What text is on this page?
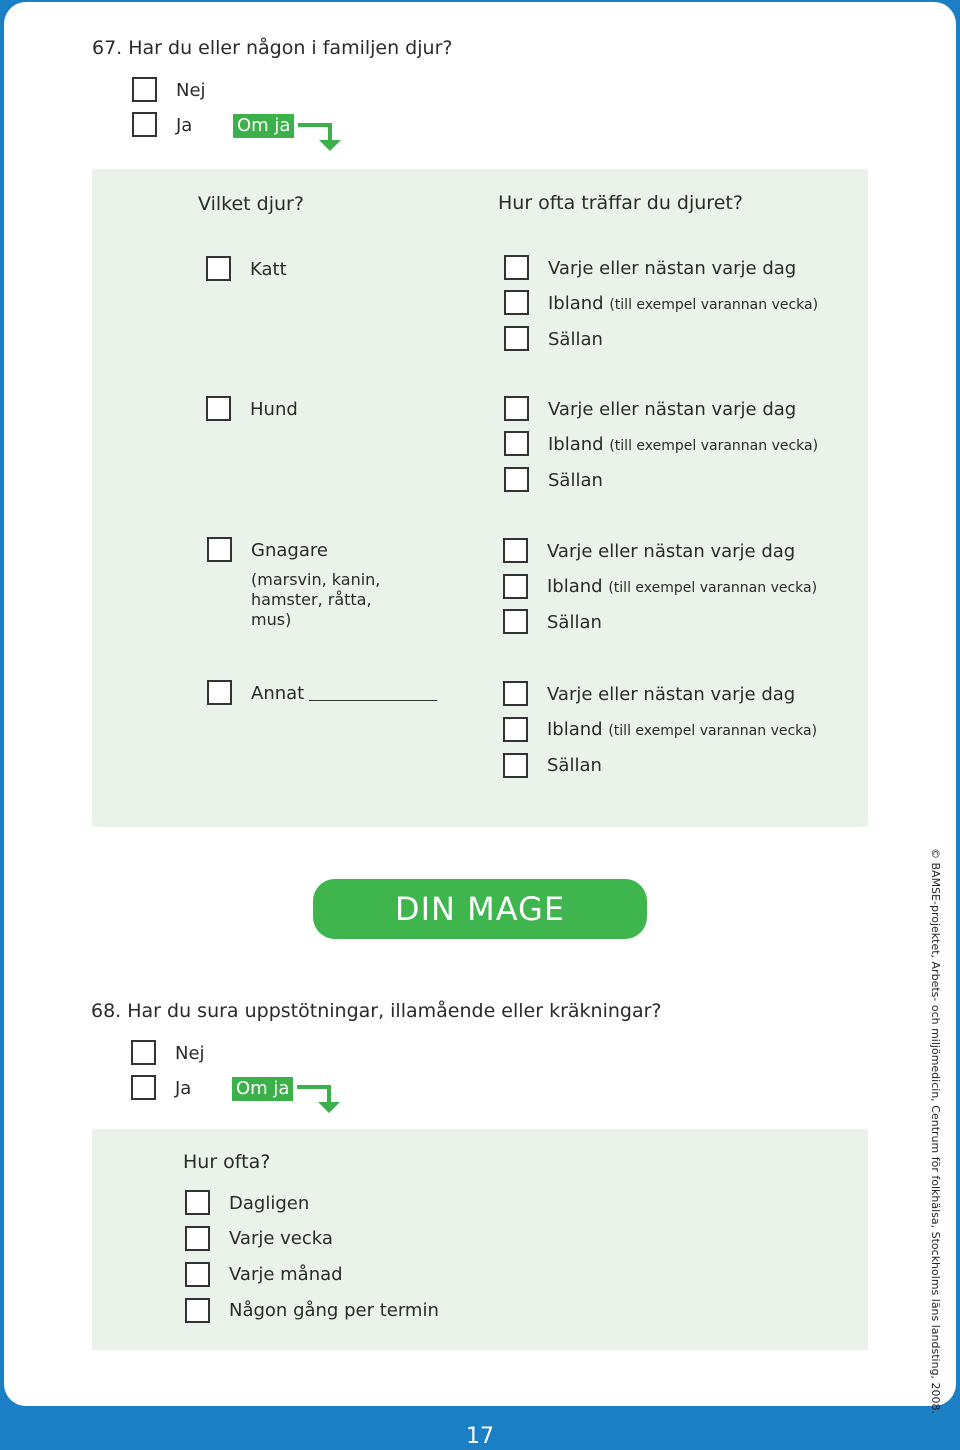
67. Har du eller någon i familjen djur?
Nej
Ja Om ja
Vilket djur?	Hur ofta träffar du djuret?
Katt	Varje eller nästan varje dag
Ibland (till exempel varannan vecka)
Sällan
Hund	Varje eller nästan varje dag
Ibland (till exempel varannan vecka)
Sällan
Gnagare
(marsvin, kanin, hamster, råtta, mus)
Varje eller nästan varje dag
Ibland (till exempel varannan vecka)
Sällan
Annat	Varje eller nästan varje dag
Ibland (till exempel varannan vecka)
Sällan
DIN MAGE
68. Har du sura uppstötningar, illamående eller kräkningar?
Nej
Ja Om ja
Hur ofta?
Dagligen
Varje vecka
Varje månad
Någon gång per termin	© BAMSE-projektet, Arbets- och miljömedicin, Centrum för folkhälsa, Stockholms läns landsting, 2008.
17
